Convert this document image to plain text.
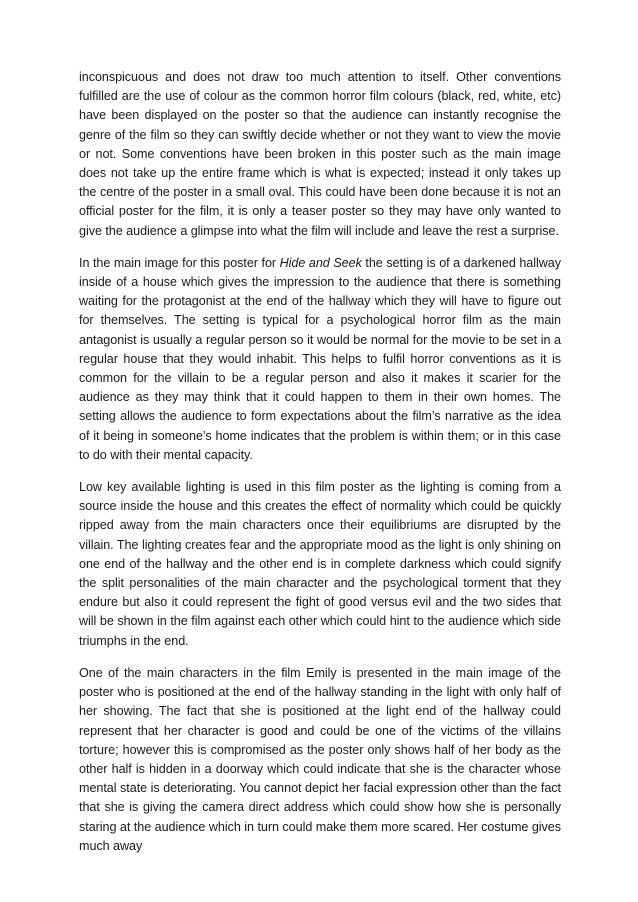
inconspicuous and does not draw too much attention to itself. Other conventions fulfilled are the use of colour as the common horror film colours (black, red, white, etc) have been displayed on the poster so that the audience can instantly recognise the genre of the film so they can swiftly decide whether or not they want to view the movie or not. Some conventions have been broken in this poster such as the main image does not take up the entire frame which is what is expected; instead it only takes up the centre of the poster in a small oval. This could have been done because it is not an official poster for the film, it is only a teaser poster so they may have only wanted to give the audience a glimpse into what the film will include and leave the rest a surprise.

In the main image for this poster for Hide and Seek the setting is of a darkened hallway inside of a house which gives the impression to the audience that there is something waiting for the protagonist at the end of the hallway which they will have to figure out for themselves. The setting is typical for a psychological horror film as the main antagonist is usually a regular person so it would be normal for the movie to be set in a regular house that they would inhabit. This helps to fulfil horror conventions as it is common for the villain to be a regular person and also it makes it scarier for the audience as they may think that it could happen to them in their own homes. The setting allows the audience to form expectations about the film’s narrative as the idea of it being in someone’s home indicates that the problem is within them; or in this case to do with their mental capacity.

Low key available lighting is used in this film poster as the lighting is coming from a source inside the house and this creates the effect of normality which could be quickly ripped away from the main characters once their equilibriums are disrupted by the villain. The lighting creates fear and the appropriate mood as the light is only shining on one end of the hallway and the other end is in complete darkness which could signify the split personalities of the main character and the psychological torment that they endure but also it could represent the fight of good versus evil and the two sides that will be shown in the film against each other which could hint to the audience which side triumphs in the end.

One of the main characters in the film Emily is presented in the main image of the poster who is positioned at the end of the hallway standing in the light with only half of her showing. The fact that she is positioned at the light end of the hallway could represent that her character is good and could be one of the victims of the villains torture; however this is compromised as the poster only shows half of her body as the other half is hidden in a doorway which could indicate that she is the character whose mental state is deteriorating. You cannot depict her facial expression other than the fact that she is giving the camera direct address which could show how she is personally staring at the audience which in turn could make them more scared. Her costume gives much away
